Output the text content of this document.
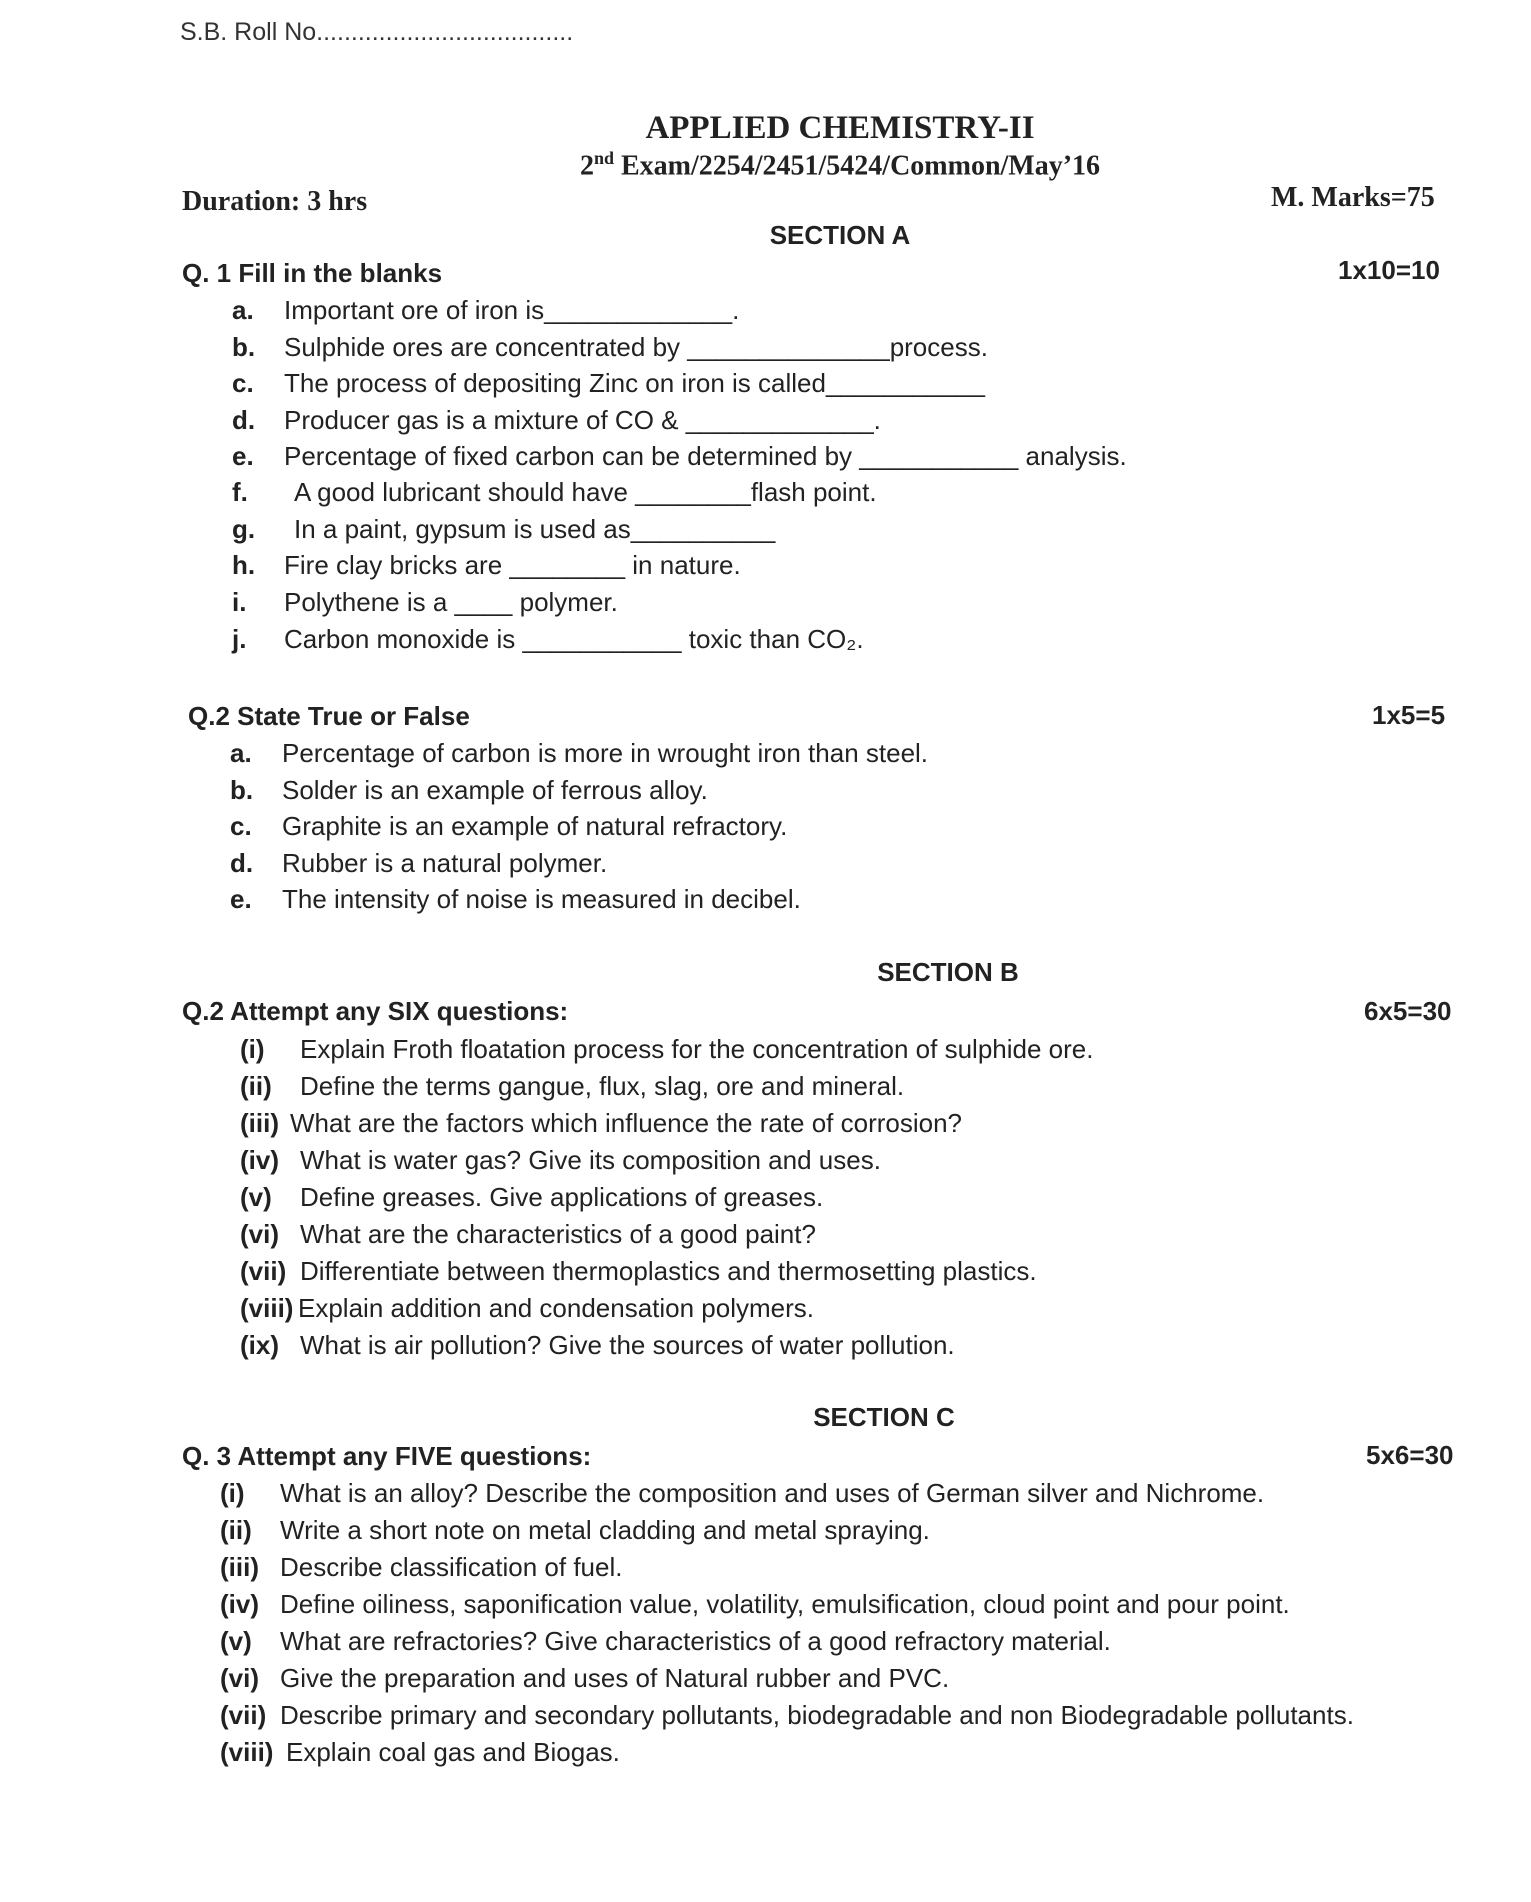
S.B. Roll No.....................................
APPLIED CHEMISTRY-II
2nd Exam/2254/2451/5424/Common/May’16
Duration: 3 hrs	M. Marks=75
SECTION A
Q. 1 Fill in the blanks	1x10=10
a. Important ore of iron is_____________.
b. Sulphide ores are concentrated by ______________process.
c. The process of depositing Zinc on iron is called___________
d. Producer gas is a mixture of CO & _____________.
e. Percentage of fixed carbon can be determined by ___________ analysis.
f. A good lubricant should have ________flash point.
g. In a paint, gypsum is used as__________
h. Fire clay bricks are ________ in nature.
i. Polythene is a ____ polymer.
j. Carbon monoxide is ___________ toxic than CO₂.
Q.2 State True or False	1x5=5
a. Percentage of carbon is more in wrought iron than steel.
b. Solder is an example of ferrous alloy.
c. Graphite is an example of natural refractory.
d. Rubber is a natural polymer.
e. The intensity of noise is measured in decibel.
SECTION B
Q.2 Attempt any SIX questions:	6x5=30
(i) Explain Froth floatation process for the concentration of sulphide ore.
(ii) Define the terms gangue, flux, slag, ore and mineral.
(iii) What are the factors which influence the rate of corrosion?
(iv) What is water gas? Give its composition and uses.
(v) Define greases. Give applications of greases.
(vi) What are the characteristics of a good paint?
(vii) Differentiate between thermoplastics and thermosetting plastics.
(viii) Explain addition and condensation polymers.
(ix) What is air pollution? Give the sources of water pollution.
SECTION C
Q. 3 Attempt any FIVE questions:	5x6=30
(i) What is an alloy? Describe the composition and uses of German silver and Nichrome.
(ii) Write a short note on metal cladding and metal spraying.
(iii) Describe classification of fuel.
(iv) Define oiliness, saponification value, volatility, emulsification, cloud point and pour point.
(v) What are refractories? Give characteristics of a good refractory material.
(vi) Give the preparation and uses of Natural rubber and PVC.
(vii) Describe primary and secondary pollutants, biodegradable and non Biodegradable pollutants.
(viii) Explain coal gas and Biogas.
